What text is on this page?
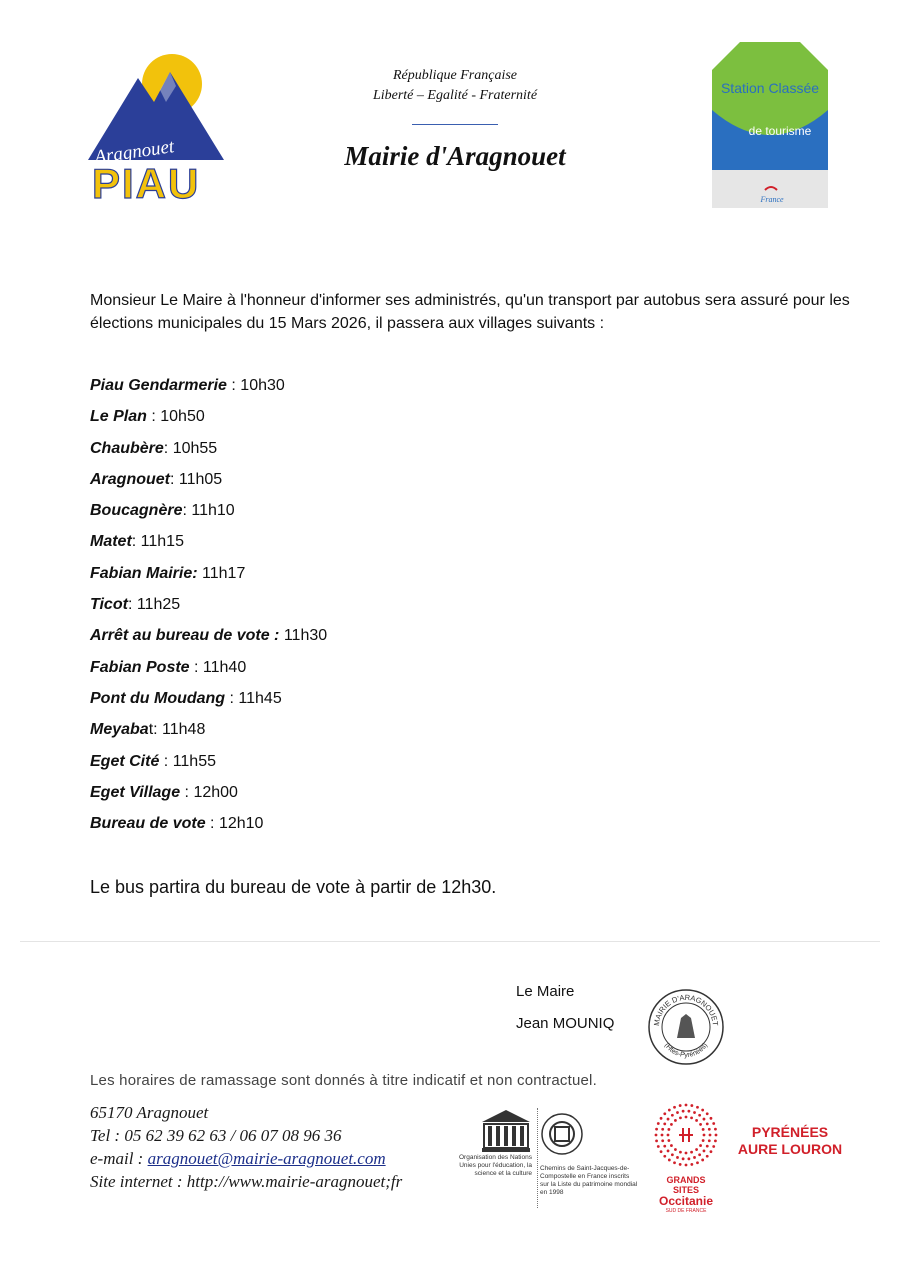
Aragnouet
PIAU
Station Classée
de tourisme
France
République Française
Liberté – Egalité - Fraternité
Mairie d'Aragnouet
Monsieur Le Maire à l'honneur d'informer ses administrés, qu'un transport par autobus sera assuré pour les élections municipales du 15 Mars 2026, il passera aux villages suivants :
Piau Gendarmerie : 10h30
Le Plan : 10h50
Chaubère: 10h55
Aragnouet: 11h05
Boucagnère: 11h10
Matet: 11h15
Fabian Mairie: 11h17
Ticot: 11h25
Arrêt au bureau de vote : 11h30
Fabian Poste : 11h40
Pont du Moudang : 11h45
Meyabat: 11h48
Eget Cité : 11h55
Eget Village : 12h00
Bureau de vote : 12h10
Le bus partira du bureau de vote à partir de 12h30.
Le Maire
Jean MOUNIQ	MAIRIE D'ARAGNOUET
(Htes-Pyrénées)
Les horaires de ramassage sont donnés à titre indicatif et non contractuel.
65170 Aragnouet
Tel : 05 62 39 62 63 / 06 07 08 96 36
e-mail : aragnouet@mairie-aragnouet.com
Site internet : http://www.mairie-aragnouet;fr
Organisation des Nations Unies pour l'éducation, la science et la culture
Chemins de Saint-Jacques-de-Compostelle en France inscrits sur la Liste du patrimoine mondial en 1998
GRANDS
SITES
Occitanie
SUD DE FRANCE
PYRÉNÉES
AURE LOURON
